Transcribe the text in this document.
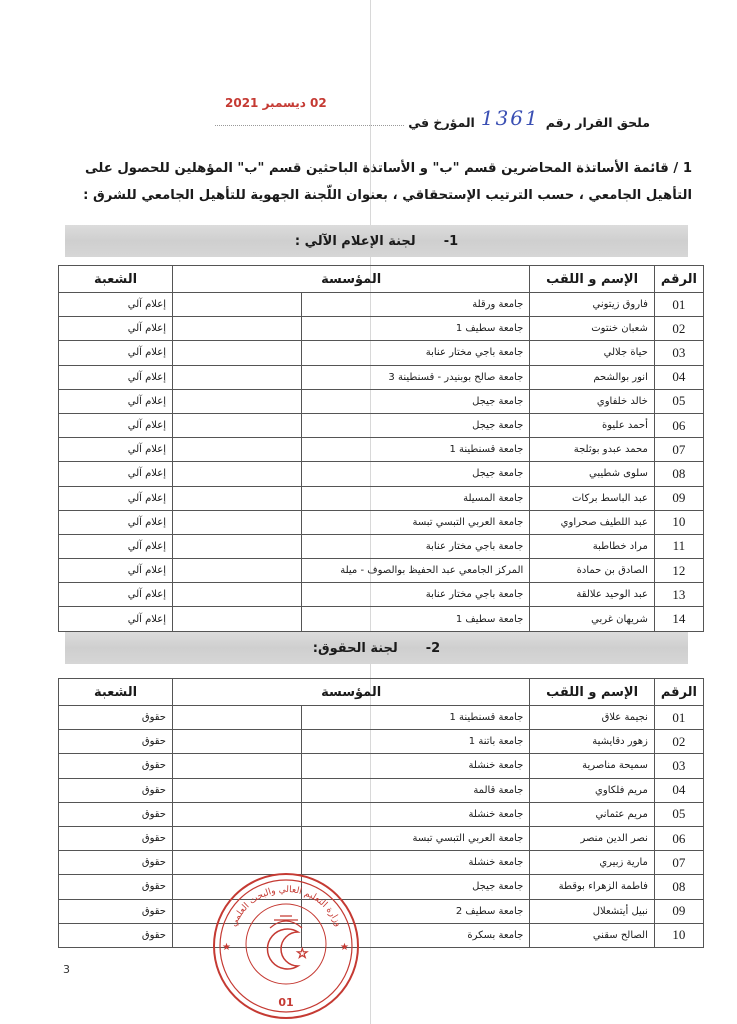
02 ديسمبر 2021
ملحق القرار رقم
1361
المؤرخ في
1 / قائمة الأساتذة المحاضرين قسم "ب" و الأساتذة الباحثين قسم "ب" المؤهلين للحصول على
التأهيل الجامعي ، حسب الترتيب الإستحقاقي ، بعنوان اللّجنة الجهوية للتأهيل الجامعي للشرق :
-1
لجنة الإعلام الآلي :
الرقم	الإسم و اللقب	المؤسسة		الشعبة
01	فاروق زيتوني	جامعة ورقلة		إعلام آلي
02	شعبان خنتوت	جامعة سطيف 1		إعلام آلي
03	حياة جلالي	جامعة باجي مختار عنابة		إعلام آلي
04	انور بوالشحم	جامعة صالح بوبنيدر - قسنطينة 3		إعلام آلي
05	خالد خلفاوي	جامعة جيجل		إعلام آلي
06	أحمد عليوة	جامعة جيجل		إعلام آلي
07	محمد عبدو بوثلجة	جامعة قسنطينة 1		إعلام آلي
08	سلوى شطيبي	جامعة جيجل		إعلام آلي
09	عبد الباسط بركات	جامعة المسيلة		إعلام آلي
10	عبد اللطيف صحراوي	جامعة العربي التبسي تبسة		إعلام آلي
11	مراد خطاطبة	جامعة باجي مختار عنابة		إعلام آلي
12	الصادق بن حمادة	المركز الجامعي عبد الحفيظ بوالصوف - ميلة		إعلام آلي
13	عبد الوحيد علالقة	جامعة باجي مختار عنابة		إعلام آلي
14	شريهان غربي	جامعة سطيف 1		إعلام آلي
-2
لجنة الحقوق:
الرقم	الإسم و اللقب	المؤسسة		الشعبة
01	نجيمة علاق	جامعة قسنطينة 1		حقوق
02	زهور دقايشية	جامعة باتنة 1		حقوق
03	سميحة مناصرية	جامعة خنشلة		حقوق
04	مريم فلكاوي	جامعة قالمة		حقوق
05	مريم عثماني	جامعة خنشلة		حقوق
06	نصر الدين منصر	جامعة العربي التبسي تبسة		حقوق
07	مارية زبيري	جامعة خنشلة		حقوق
08	فاطمة الزهراء بوقطة	جامعة جيجل		حقوق
09	نبيل أيتشعلال	جامعة سطيف 2		حقوق
10	الصالح سقني	جامعة بسكرة		حقوق
وزارة التعليم العالي والبحث العلمي
★	★
☆
01
3
